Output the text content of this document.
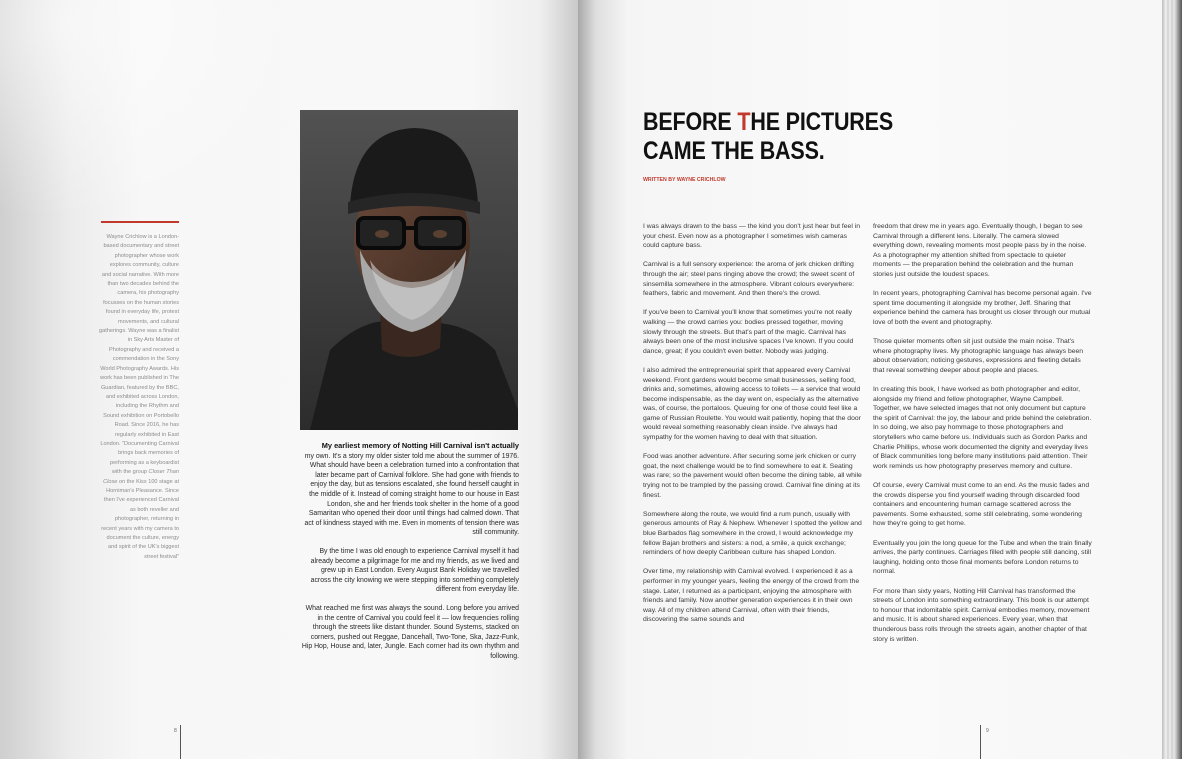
Wayne Crichlow is a London-based documentary and street photographer whose work explores community, culture and social narrative. With more than two decades behind the camera, his photography focusses on the human stories found in everyday life, protest movements, and cultural gatherings. Wayne was a finalist in Sky Arts Master of Photography and received a commendation in the Sony World Photography Awards. His work has been published in The Guardian, featured by the BBC, and exhibited across London, including the Rhythm and Sound exhibition on Portobello Road. Since 2016, he has regularly exhibited in East London. “Documenting Carnival brings back memories of performing as a keyboardist with the group Closer Than Close on the Kiss 100 stage at Horniman's Pleasance. Since then I've experienced Carnival as both reveller and photographer, returning in recent years with my camera to document the culture, energy and spirit of the UK's biggest street festival”

My earliest memory of Notting Hill Carnival isn't actually
my own. It's a story my older sister told me about the summer of 1976. What should have been a celebration turned into a confrontation that later became part of Carnival folklore. She had gone with friends to enjoy the day, but as tensions escalated, she found herself caught in the middle of it. Instead of coming straight home to our house in East London, she and her friends took shelter in the home of a good Samaritan who opened their door until things had calmed down. That act of kindness stayed with me. Even in moments of tension there was still community.

By the time I was old enough to experience Carnival myself it had already become a pilgrimage for me and my friends, as we lived and grew up in East London. Every August Bank Holiday we travelled across the city knowing we were stepping into something completely different from everyday life.

What reached me first was always the sound. Long before you arrived in the centre of Carnival you could feel it — low frequencies rolling through the streets like distant thunder. Sound Systems, stacked on corners, pushed out Reggae, Dancehall, Two-Tone, Ska, Jazz-Funk, Hip Hop, House and, later, Jungle. Each corner had its own rhythm and following.

8
BEFORE THE PICTURES
CAME THE BASS.
WRITTEN BY WAYNE CRICHLOW

I was always drawn to the bass — the kind you don't just hear but feel in your chest. Even now as a photographer I sometimes wish cameras could capture bass.

Carnival is a full sensory experience: the aroma of jerk chicken drifting through the air; steel pans ringing above the crowd; the sweet scent of sinsemilla somewhere in the atmosphere. Vibrant colours everywhere: feathers, fabric and movement. And then there's the crowd.

If you've been to Carnival you'll know that sometimes you're not really walking — the crowd carries you: bodies pressed together, moving slowly through the streets. But that's part of the magic. Carnival has always been one of the most inclusive spaces I've known. If you could dance, great; if you couldn't even better. Nobody was judging.

I also admired the entrepreneurial spirit that appeared every Carnival weekend. Front gardens would become small businesses, selling food, drinks and, sometimes, allowing access to toilets — a service that would become indispensable, as the day went on, especially as the alternative was, of course, the portaloos. Queuing for one of those could feel like a game of Russian Roulette. You would wait patiently, hoping that the door would reveal something reasonably clean inside. I've always had sympathy for the women having to deal with that situation.

Food was another adventure. After securing some jerk chicken or curry goat, the next challenge would be to find somewhere to eat it. Seating was rare; so the pavement would often become the dining table, all while trying not to be trampled by the passing crowd. Carnival fine dining at its finest.

Somewhere along the route, we would find a rum punch, usually with generous amounts of Ray & Nephew. Whenever I spotted the yellow and blue Barbados flag somewhere in the crowd, I would acknowledge my fellow Bajan brothers and sisters: a nod, a smile, a quick exchange; reminders of how deeply Caribbean culture has shaped London.

Over time, my relationship with Carnival evolved. I experienced it as a performer in my younger years, feeling the energy of the crowd from the stage. Later, I returned as a participant, enjoying the atmosphere with friends and family. Now another generation experiences it in their own way. All of my children attend Carnival, often with their friends, discovering the same sounds and

freedom that drew me in years ago. Eventually though, I began to see Carnival through a different lens. Literally. The camera slowed everything down, revealing moments most people pass by in the noise. As a photographer my attention shifted from spectacle to quieter moments — the preparation behind the celebration and the human stories just outside the loudest spaces.

In recent years, photographing Carnival has become personal again. I've spent time documenting it alongside my brother, Jeff. Sharing that experience behind the camera has brought us closer through our mutual love of both the event and photography.

Those quieter moments often sit just outside the main noise. That's where photography lives. My photographic language has always been about observation; noticing gestures, expressions and fleeting details that reveal something deeper about people and places.

In creating this book, I have worked as both photographer and editor, alongside my friend and fellow photographer, Wayne Campbell. Together, we have selected images that not only document but capture the spirit of Carnival: the joy, the labour and pride behind the celebration. In so doing, we also pay hommage to those photographers and storytellers who came before us. Individuals such as Gordon Parks and Charlie Phillips, whose work documented the dignity and everyday lives of Black communities long before many institutions paid attention. Their work reminds us how photography preserves memory and culture.

Of course, every Carnival must come to an end. As the music fades and the crowds disperse you find yourself wading through discarded food containers and encountering human carnage scattered across the pavements. Some exhausted, some still celebrating, some wondering how they're going to get home.

Eventually you join the long queue for the Tube and when the train finally arrives, the party continues. Carriages filled with people still dancing, still laughing, holding onto those final moments before London returns to normal.

For more than sixty years, Notting Hill Carnival has transformed the streets of London into something extraordinary. This book is our attempt to honour that indomitable spirit. Carnival embodies memory, movement and music. It is about shared experiences. Every year, when that thunderous bass rolls through the streets again, another chapter of that story is written.

9
